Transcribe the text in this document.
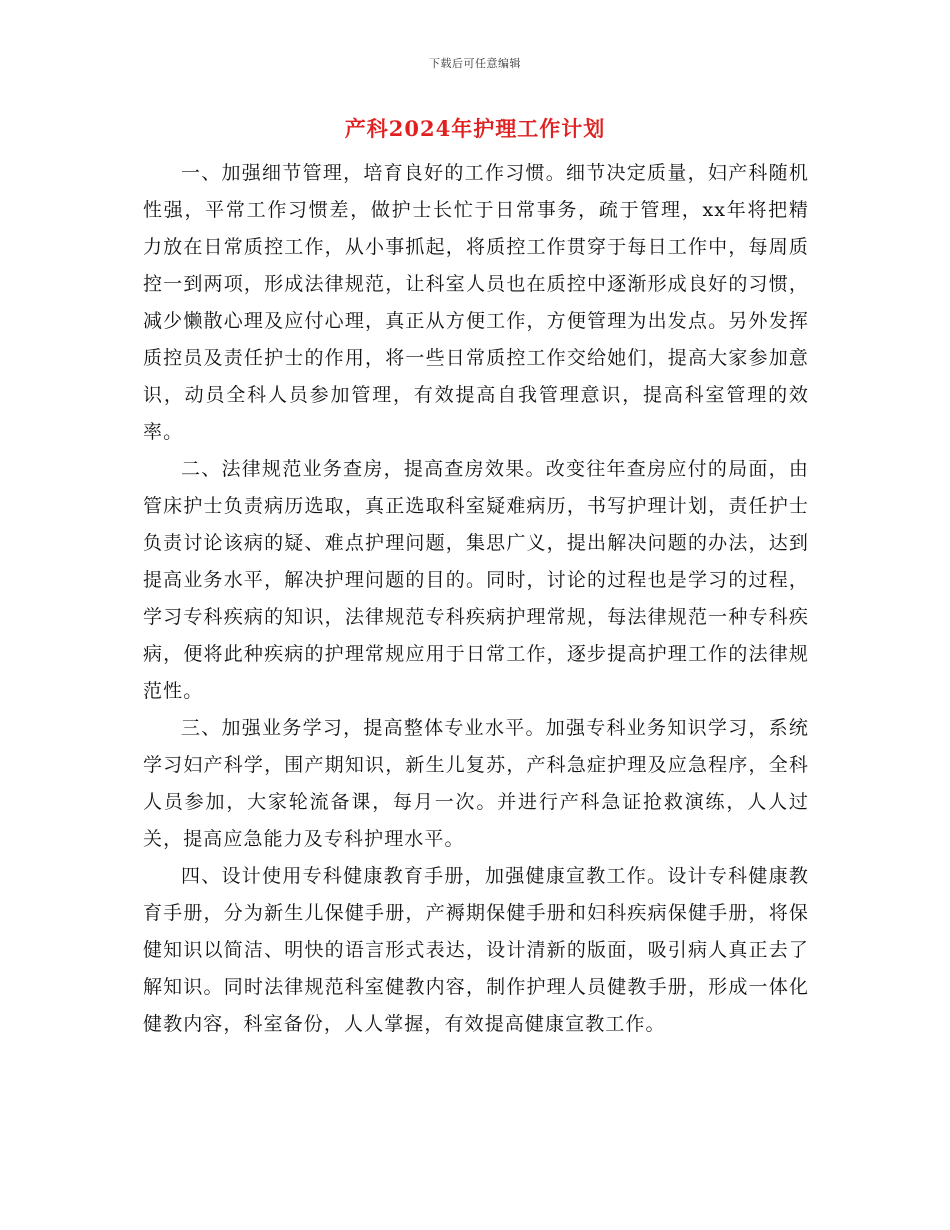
下载后可任意编辑
产科2024年护理工作计划

一、加强细节管理，培育良好的工作习惯。细节决定质量，妇产科随机性强，平常工作习惯差，做护士长忙于日常事务，疏于管理，xx年将把精力放在日常质控工作，从小事抓起，将质控工作贯穿于每日工作中，每周质控一到两项，形成法律规范，让科室人员也在质控中逐渐形成良好的习惯，减少懒散心理及应付心理，真正从方便工作，方便管理为出发点。另外发挥质控员及责任护士的作用，将一些日常质控工作交给她们，提高大家参加意识，动员全科人员参加管理，有效提高自我管理意识，提高科室管理的效率。

二、法律规范业务查房，提高查房效果。改变往年查房应付的局面，由管床护士负责病历选取，真正选取科室疑难病历，书写护理计划，责任护士负责讨论该病的疑、难点护理问题，集思广义，提出解决问题的办法，达到提高业务水平，解决护理问题的目的。同时，讨论的过程也是学习的过程，学习专科疾病的知识，法律规范专科疾病护理常规，每法律规范一种专科疾病，便将此种疾病的护理常规应用于日常工作，逐步提高护理工作的法律规范性。

三、加强业务学习，提高整体专业水平。加强专科业务知识学习，系统学习妇产科学，围产期知识，新生儿复苏，产科急症护理及应急程序，全科人员参加，大家轮流备课，每月一次。并进行产科急证抢救演练，人人过关，提高应急能力及专科护理水平。

四、设计使用专科健康教育手册，加强健康宣教工作。设计专科健康教育手册，分为新生儿保健手册，产褥期保健手册和妇科疾病保健手册，将保健知识以简洁、明快的语言形式表达，设计清新的版面，吸引病人真正去了解知识。同时法律规范科室健教内容，制作护理人员健教手册，形成一体化健教内容，科室备份，人人掌握，有效提高健康宣教工作。
